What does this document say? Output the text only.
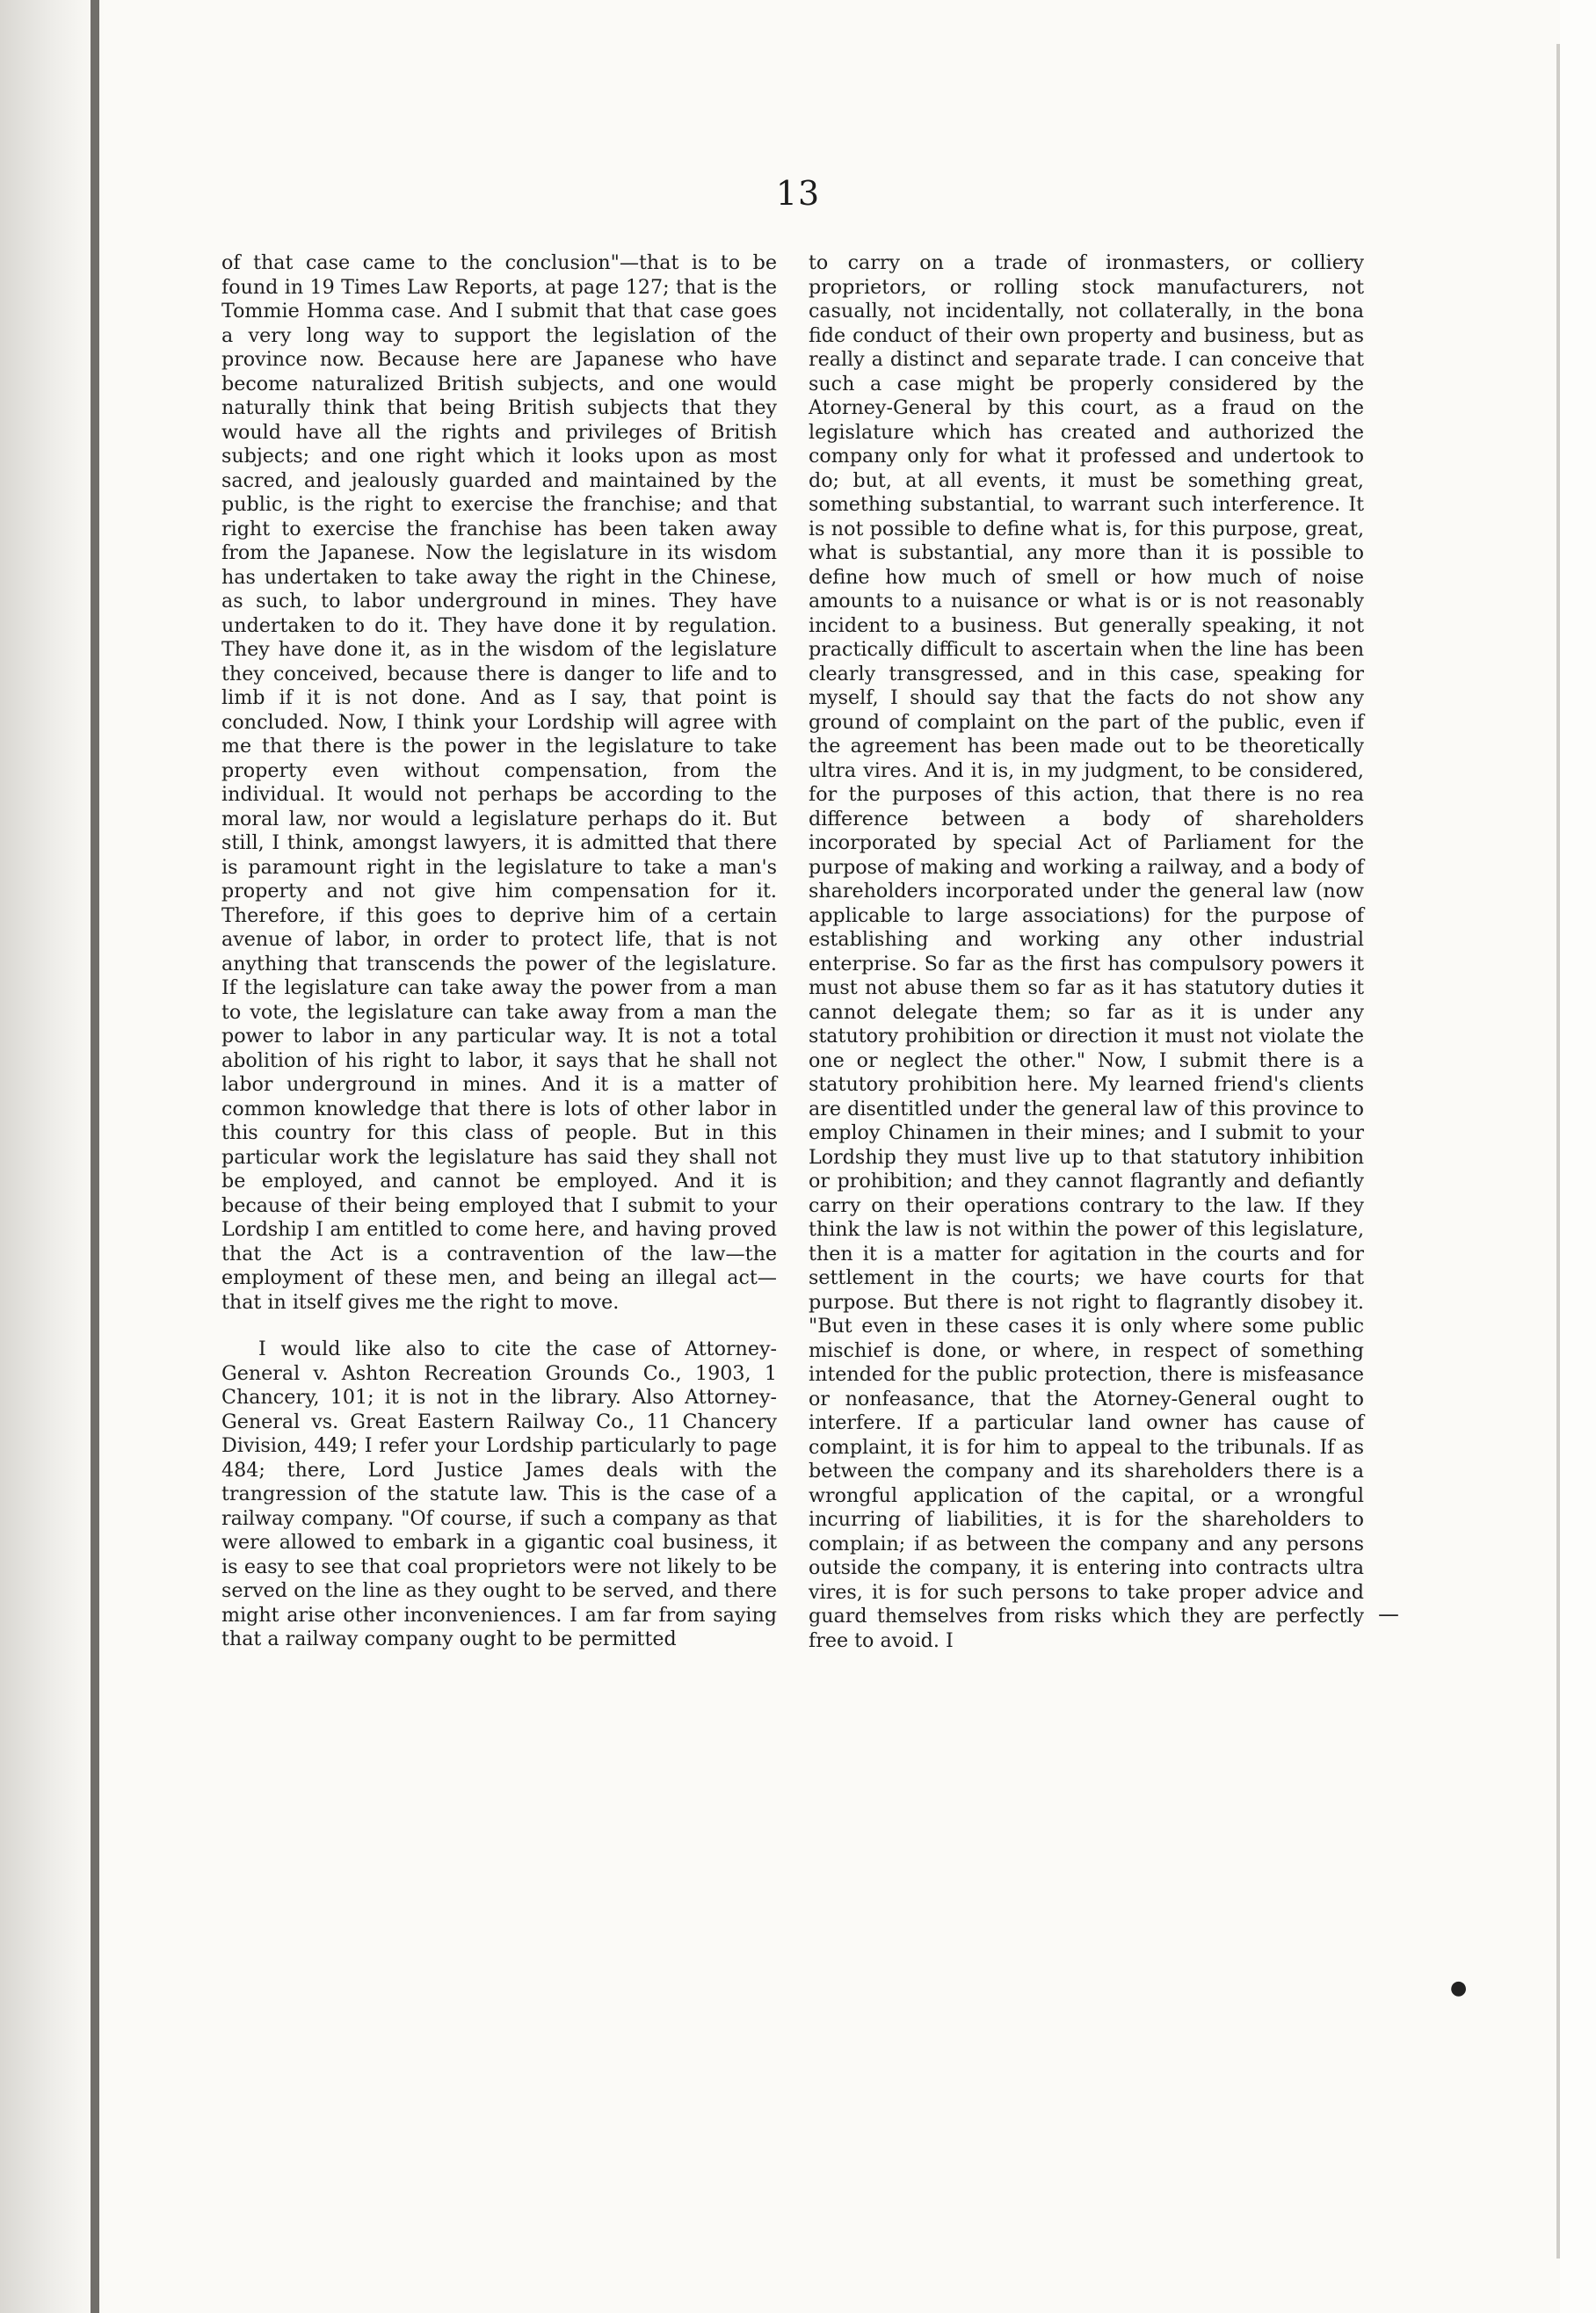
13

of that case came to the conclusion"—that is to be found in 19 Times Law Reports, at page 127; that is the Tommie Homma case. And I submit that that case goes a very long way to support the legislation of the province now. Because here are Japanese who have become naturalized British subjects, and one would naturally think that being British subjects that they would have all the rights and privileges of British subjects; and one right which it looks upon as most sacred, and jealously guarded and maintained by the public, is the right to exercise the franchise; and that right to exercise the franchise has been taken away from the Japanese. Now the legislature in its wisdom has undertaken to take away the right in the Chinese, as such, to labor underground in mines. They have undertaken to do it. They have done it by regulation. They have done it, as in the wisdom of the legislature they conceived, because there is danger to life and to limb if it is not done. And as I say, that point is concluded. Now, I think your Lordship will agree with me that there is the power in the legislature to take property even without compensation, from the individual. It would not perhaps be according to the moral law, nor would a legislature perhaps do it. But still, I think, amongst lawyers, it is admitted that there is paramount right in the legislature to take a man's property and not give him compensation for it. Therefore, if this goes to deprive him of a certain avenue of labor, in order to protect life, that is not anything that transcends the power of the legislature. If the legislature can take away the power from a man to vote, the legislature can take away from a man the power to labor in any particular way. It is not a total abolition of his right to labor, it says that he shall not labor underground in mines. And it is a matter of common knowledge that there is lots of other labor in this country for this class of people. But in this particular work the legislature has said they shall not be employed, and cannot be employed. And it is because of their being employed that I submit to your Lordship I am entitled to come here, and having proved that the Act is a contravention of the law—the employment of these men, and being an illegal act—that in itself gives me the right to move.

I would like also to cite the case of Attorney-General v. Ashton Recreation Grounds Co., 1903, 1 Chancery, 101; it is not in the library. Also Attorney-General vs. Great Eastern Railway Co., 11 Chancery Division, 449; I refer your Lordship particularly to page 484; there, Lord Justice James deals with the trangression of the statute law. This is the case of a railway company. "Of course, if such a company as that were allowed to embark in a gigantic coal business, it is easy to see that coal proprietors were not likely to be served on the line as they ought to be served, and there might arise other inconveniences. I am far from saying that a railway company ought to be permitted

to carry on a trade of ironmasters, or colliery proprietors, or rolling stock manufacturers, not casually, not incidentally, not collaterally, in the bona fide conduct of their own property and business, but as really a distinct and separate trade. I can conceive that such a case might be properly considered by the Atorney-General by this court, as a fraud on the legislature which has created and authorized the company only for what it professed and undertook to do; but, at all events, it must be something great, something substantial, to warrant such interference. It is not possible to define what is, for this purpose, great, what is substantial, any more than it is possible to define how much of smell or how much of noise amounts to a nuisance or what is or is not reasonably incident to a business. But generally speaking, it not practically difficult to ascertain when the line has been clearly transgressed, and in this case, speaking for myself, I should say that the facts do not show any ground of complaint on the part of the public, even if the agreement has been made out to be theoretically ultra vires. And it is, in my judgment, to be considered, for the purposes of this action, that there is no rea difference between a body of shareholders incorporated by special Act of Parliament for the purpose of making and working a railway, and a body of shareholders incorporated under the general law (now applicable to large associations) for the purpose of establishing and working any other industrial enterprise. So far as the first has compulsory powers it must not abuse them so far as it has statutory duties it cannot delegate them; so far as it is under any statutory prohibition or direction it must not violate the one or neglect the other." Now, I submit there is a statutory prohibition here. My learned friend's clients are disentitled under the general law of this province to employ Chinamen in their mines; and I submit to your Lordship they must live up to that statutory inhibition or prohibition; and they cannot flagrantly and defiantly carry on their operations contrary to the law. If they think the law is not within the power of this legislature, then it is a matter for agitation in the courts and for settlement in the courts; we have courts for that purpose. But there is not right to flagrantly disobey it. "But even in these cases it is only where some public mischief is done, or where, in respect of something intended for the public protection, there is misfeasance or nonfeasance, that the Atorney-General ought to interfere. If a particular land owner has cause of complaint, it is for him to appeal to the tribunals. If as between the company and its shareholders there is a wrongful application of the capital, or a wrongful incurring of liabilities, it is for the shareholders to complain; if as between the company and any persons outside the company, it is entering into contracts ultra vires, it is for such persons to take proper advice and guard themselves from risks which they are perfectly free to avoid. I

—
●
